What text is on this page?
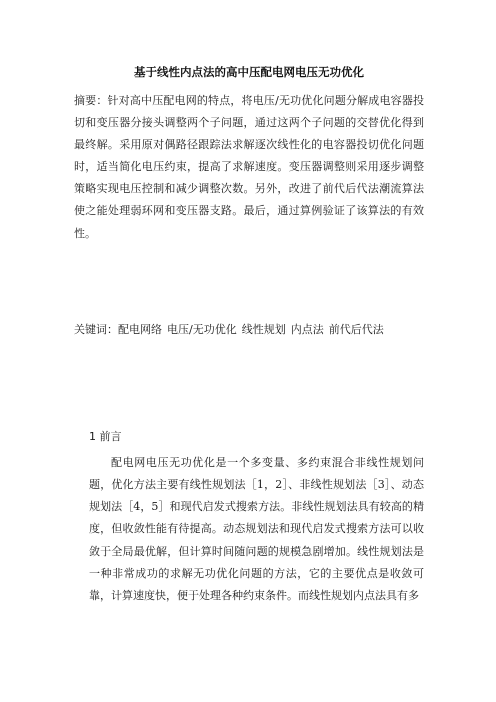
基于线性内点法的高中压配电网电压无功优化

摘要：针对高中压配电网的特点，将电压/无功优化问题分解成电容器投切和变压器分接头调整两个子问题，通过这两个子问题的交替优化得到最终解。采用原对偶路径跟踪法求解逐次线性化的电容器投切优化问题时，适当简化电压约束，提高了求解速度。变压器调整则采用逐步调整策略实现电压控制和减少调整次数。另外，改进了前代后代法潮流算法使之能处理弱环网和变压器支路。最后，通过算例验证了该算法的有效性。

关键词：配电网络 电压/无功优化 线性规划 内点法 前代后代法

1 前言

配电网电压无功优化是一个多变量、多约束混合非线性规划问题，优化方法主要有线性规划法［1，2］、非线性规划法［3］、动态规划法［4，5］和现代启发式搜索方法。非线性规划法具有较高的精度，但收敛性能有待提高。动态规划法和现代启发式搜索方法可以收敛于全局最优解，但计算时间随问题的规模急剧增加。线性规划法是一种非常成功的求解无功优化问题的方法，它的主要优点是收敛可靠，计算速度快，便于处理各种约束条件。而线性规划内点法具有多
